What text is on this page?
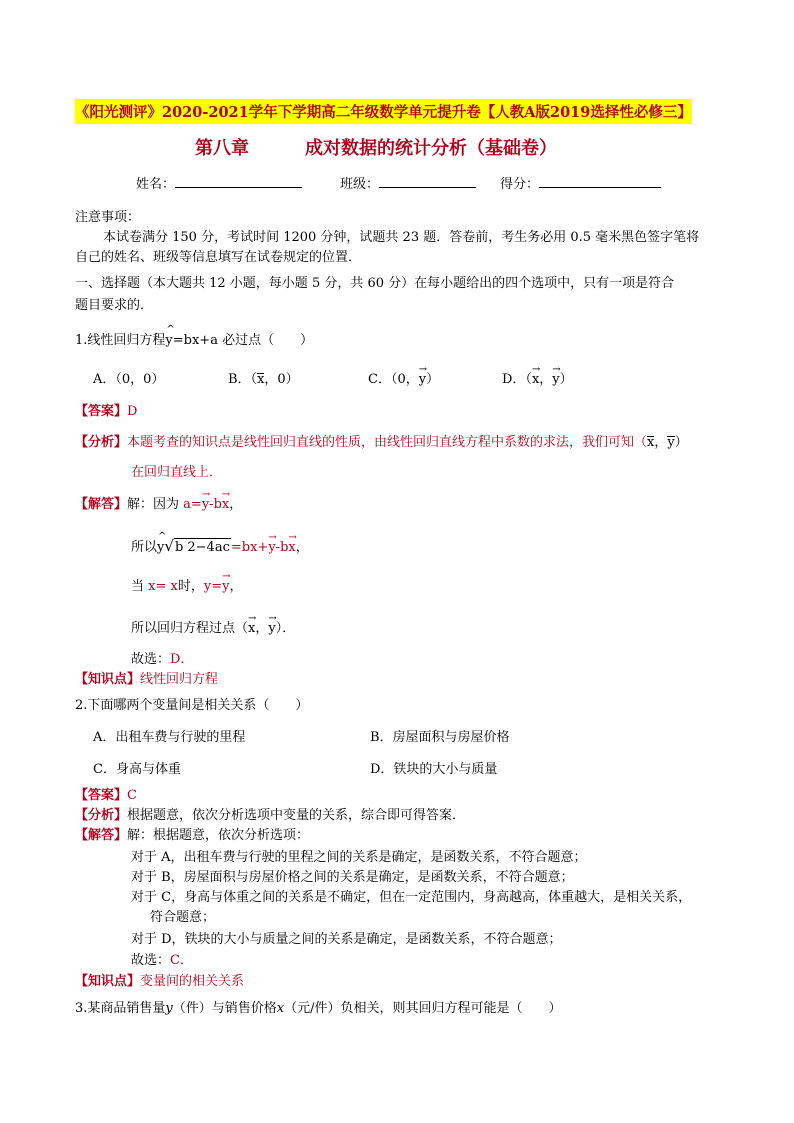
《阳光测评》2020-2021学年下学期高二年级数学单元提升卷【人教A版2019选择性必修三】
第八章	成对数据的统计分析（基础卷）
姓名：	班级：	得分：
注意事项：
本试卷满分 150 分，考试时间 1200 分钟，试题共 23 题．答卷前，考生务必用 0.5 毫米黑色签字笔将
自己的姓名、班级等信息填写在试卷规定的位置．
一、选择题（本大题共 12 小题，每小题 5 分，共 60 分）在每小题给出的四个选项中，只有一项是符合
题目要求的．
1.线性回归方程^ y=bx+a 必过点（　　）
A．（0，0）	B．（x，0）	C．（0，→ y）	D．（→ x，→ y）
【答案】D
【分析】本题考查的知识点是线性回归直线的性质，由线性回归直线方程中系数的求法，我们可知（x，y）
在回归直线上．
【解答】解：因为 a=→ y-b→ x，
所以^ y√b 2−4ac=bx+→ y-b→ x，
当 x= x时，y=→ y，
所以回归方程过点（→ x，→ y）．
故选：D．
【知识点】线性回归方程
2.下面哪两个变量间是相关关系（　　）
A．出租车费与行驶的里程	B．房屋面积与房屋价格
C．身高与体重	D．铁块的大小与质量
【答案】C
【分析】根据题意，依次分析选项中变量的关系，综合即可得答案．
【解答】解：根据题意，依次分析选项：
对于 A，出租车费与行驶的里程之间的关系是确定，是函数关系，不符合题意；
对于 B，房屋面积与房屋价格之间的关系是确定，是函数关系，不符合题意；
对于 C，身高与体重之间的关系是不确定，但在一定范围内，身高越高，体重越大，是相关关系，
符合题意；
对于 D，铁块的大小与质量之间的关系是确定，是函数关系，不符合题意；
故选：C．
【知识点】变量间的相关关系
3.某商品销售量y（件）与销售价格x（元/件）负相关，则其回归方程可能是（　　）
